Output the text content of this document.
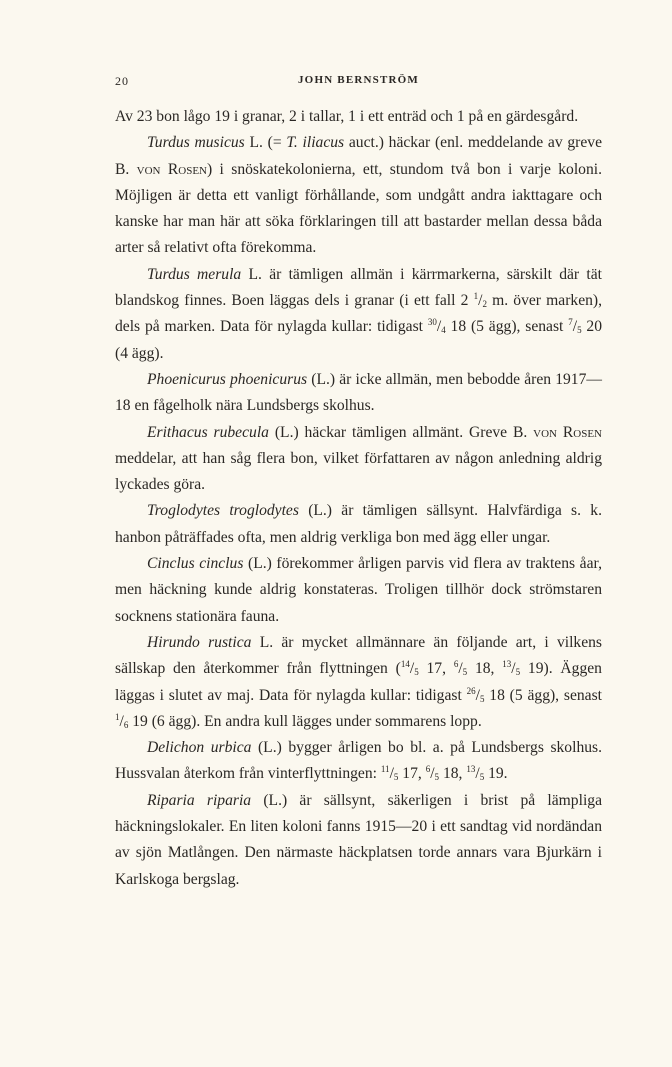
20	JOHN BERNSTRÖM

Av 23 bon lågo 19 i granar, 2 i tallar, 1 i ett enträd och 1 på en gärdesgård.

Turdus musicus L. (= T. iliacus auct.) häckar (enl. meddelande av greve B. von Rosen) i snöskatekolonierna, ett, stundom två bon i varje koloni. Möjligen är detta ett vanligt förhållande, som undgått andra iakttagare och kanske har man här att söka förklaringen till att bastarder mellan dessa båda arter så relativt ofta förekomma.

Turdus merula L. är tämligen allmän i kärrmarkerna, särskilt där tät blandskog finnes. Boen läggas dels i granar (i ett fall 2 $^1/_2$ m. över marken), dels på marken. Data för nylagda kullar: tidigast $^{30}/_4$ 18 (5 ägg), senast $^7/_5$ 20 (4 ägg).

Phoenicurus phoenicurus (L.) är icke allmän, men bebodde åren 1917—18 en fågelholk nära Lundsbergs skolhus.

Erithacus rubecula (L.) häckar tämligen allmänt. Greve B. von Rosen meddelar, att han såg flera bon, vilket författaren av någon anledning aldrig lyckades göra.

Troglodytes troglodytes (L.) är tämligen sällsynt. Halvfärdiga s. k. hanbon påträffades ofta, men aldrig verkliga bon med ägg eller ungar.

Cinclus cinclus (L.) förekommer årligen parvis vid flera av traktens åar, men häckning kunde aldrig konstateras. Troligen tillhör dock strömstaren socknens stationära fauna.

Hirundo rustica L. är mycket allmännare än följande art, i vilkens sällskap den återkommer från flyttningen ($^{14}/_5$ 17, $^6/_5$ 18, $^{13}/_5$ 19). Äggen läggas i slutet av maj. Data för nylagda kullar: tidigast $^{26}/_5$ 18 (5 ägg), senast $^1/_6$ 19 (6 ägg). En andra kull lägges under sommarens lopp.

Delichon urbica (L.) bygger årligen bo bl. a. på Lundsbergs skolhus. Hussvalan återkom från vinterflyttningen: $^{11}/_5$ 17, $^6/_5$ 18, $^{13}/_5$ 19.

Riparia riparia (L.) är sällsynt, säkerligen i brist på lämpliga häckningslokaler. En liten koloni fanns 1915—20 i ett sandtag vid nordändan av sjön Matlången. Den närmaste häckplatsen torde annars vara Bjurkärn i Karlskoga bergslag.
